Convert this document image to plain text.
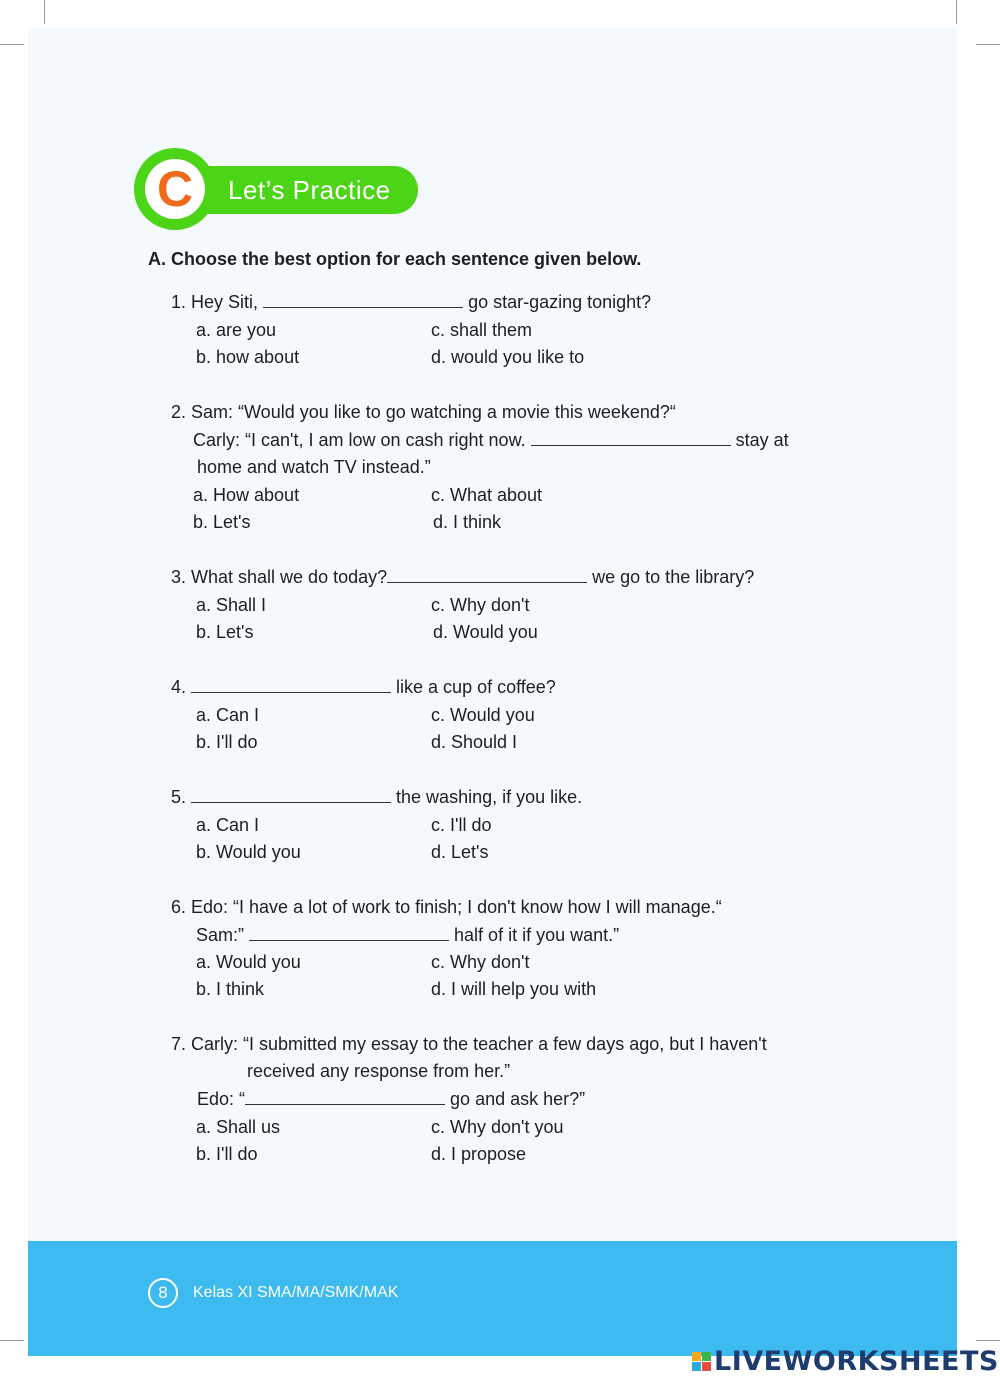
C	Let’s Practice
A. Choose the best option for each sentence given below.
1. Hey Siti,	go star-gazing tonight?
a. are you	c. shall them
b. how about	d. would you like to
2. Sam: “Would you like to go watching a movie this weekend?“
Carly: “I can't, I am low on cash right now.	stay at
home and watch TV instead.”
a. How about	c. What about
b. Let's	d. I think
3. What shall we do today?	we go to the library?
a. Shall I	c. Why don't
b. Let's	d. Would you
4.	like a cup of coffee?
a. Can I	c. Would you
b. I'll do	d. Should I
5.	the washing, if you like.
a. Can I	c. I'll do
b. Would you	d. Let's
6. Edo: “I have a lot of work to finish; I don't know how I will manage.“
Sam:”	half of it if you want.”
a. Would you	c. Why don't
b. I think	d. I will help you with
7. Carly: “I submitted my essay to the teacher a few days ago, but I haven't
received any response from her.”
Edo: “	go and ask her?”
a. Shall us	c. Why don't you
b. I'll do	d. I propose
8	Kelas XI SMA/MA/SMK/MAK
LIVEWORKSHEETS
